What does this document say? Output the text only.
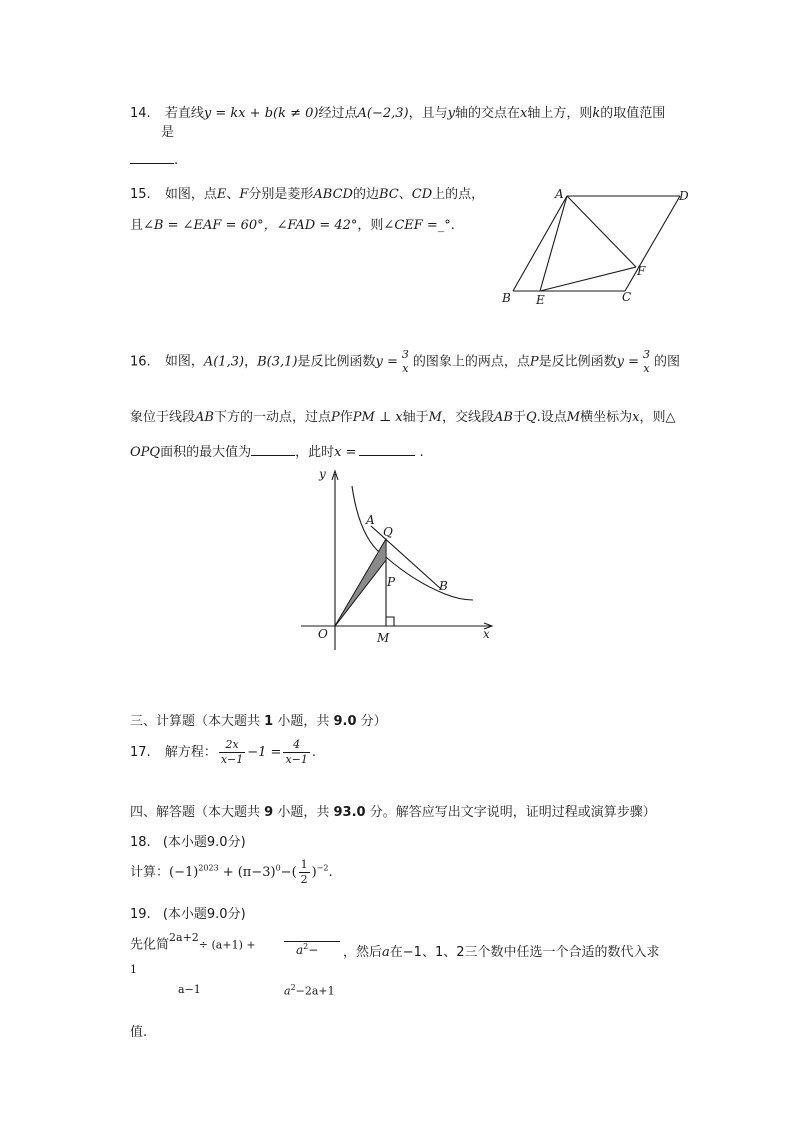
14. 若直线y = kx + b(k ≠ 0)经过点A(−2,3)，且与y轴的交点在x轴上方，则k的取值范围
是
.
15. 如图，点E、F分别是菱形ABCD的边BC、CD上的点，
且∠B = ∠EAF = 60°，∠FAD = 42°，则∠CEF =_°.
A	D
F
B E	C
16. 如图，A(1,3)，B(3,1)是反比例函数y = 3
x 的图象上的两点，点P是反比例函数y = 3
x 的图
象位于线段AB下方的一动点，过点P作PM ⊥ x轴于M，交线段AB于Q.设点M横坐标为x，则△
OPQ面积的最大值为	，此时x =	.
y
A
Q
P	B
O	M	x
三、计算题（本大题共 1 小题，共 9.0 分）
17. 解方程： $\frac{2x}{x-1} -1 = \frac{4}{x-1}$ .
四、解答题（本大题共 9 小题，共 93.0 分。解答应写出文字说明，证明过程或演算步骤）
18. (本小题9.0分)
计算：$(-1)^{2023} + (\pi-3)^0-( \frac{1}{2} )^{-2}$.
19. (本小题9.0分)
先化简$^{2a+2}$÷ (a+1) +	$a^2-$	，然后a在−1、1、2三个数中任选一个合适的数代入求
1
a−1	$a^2-2a+1$
值.
